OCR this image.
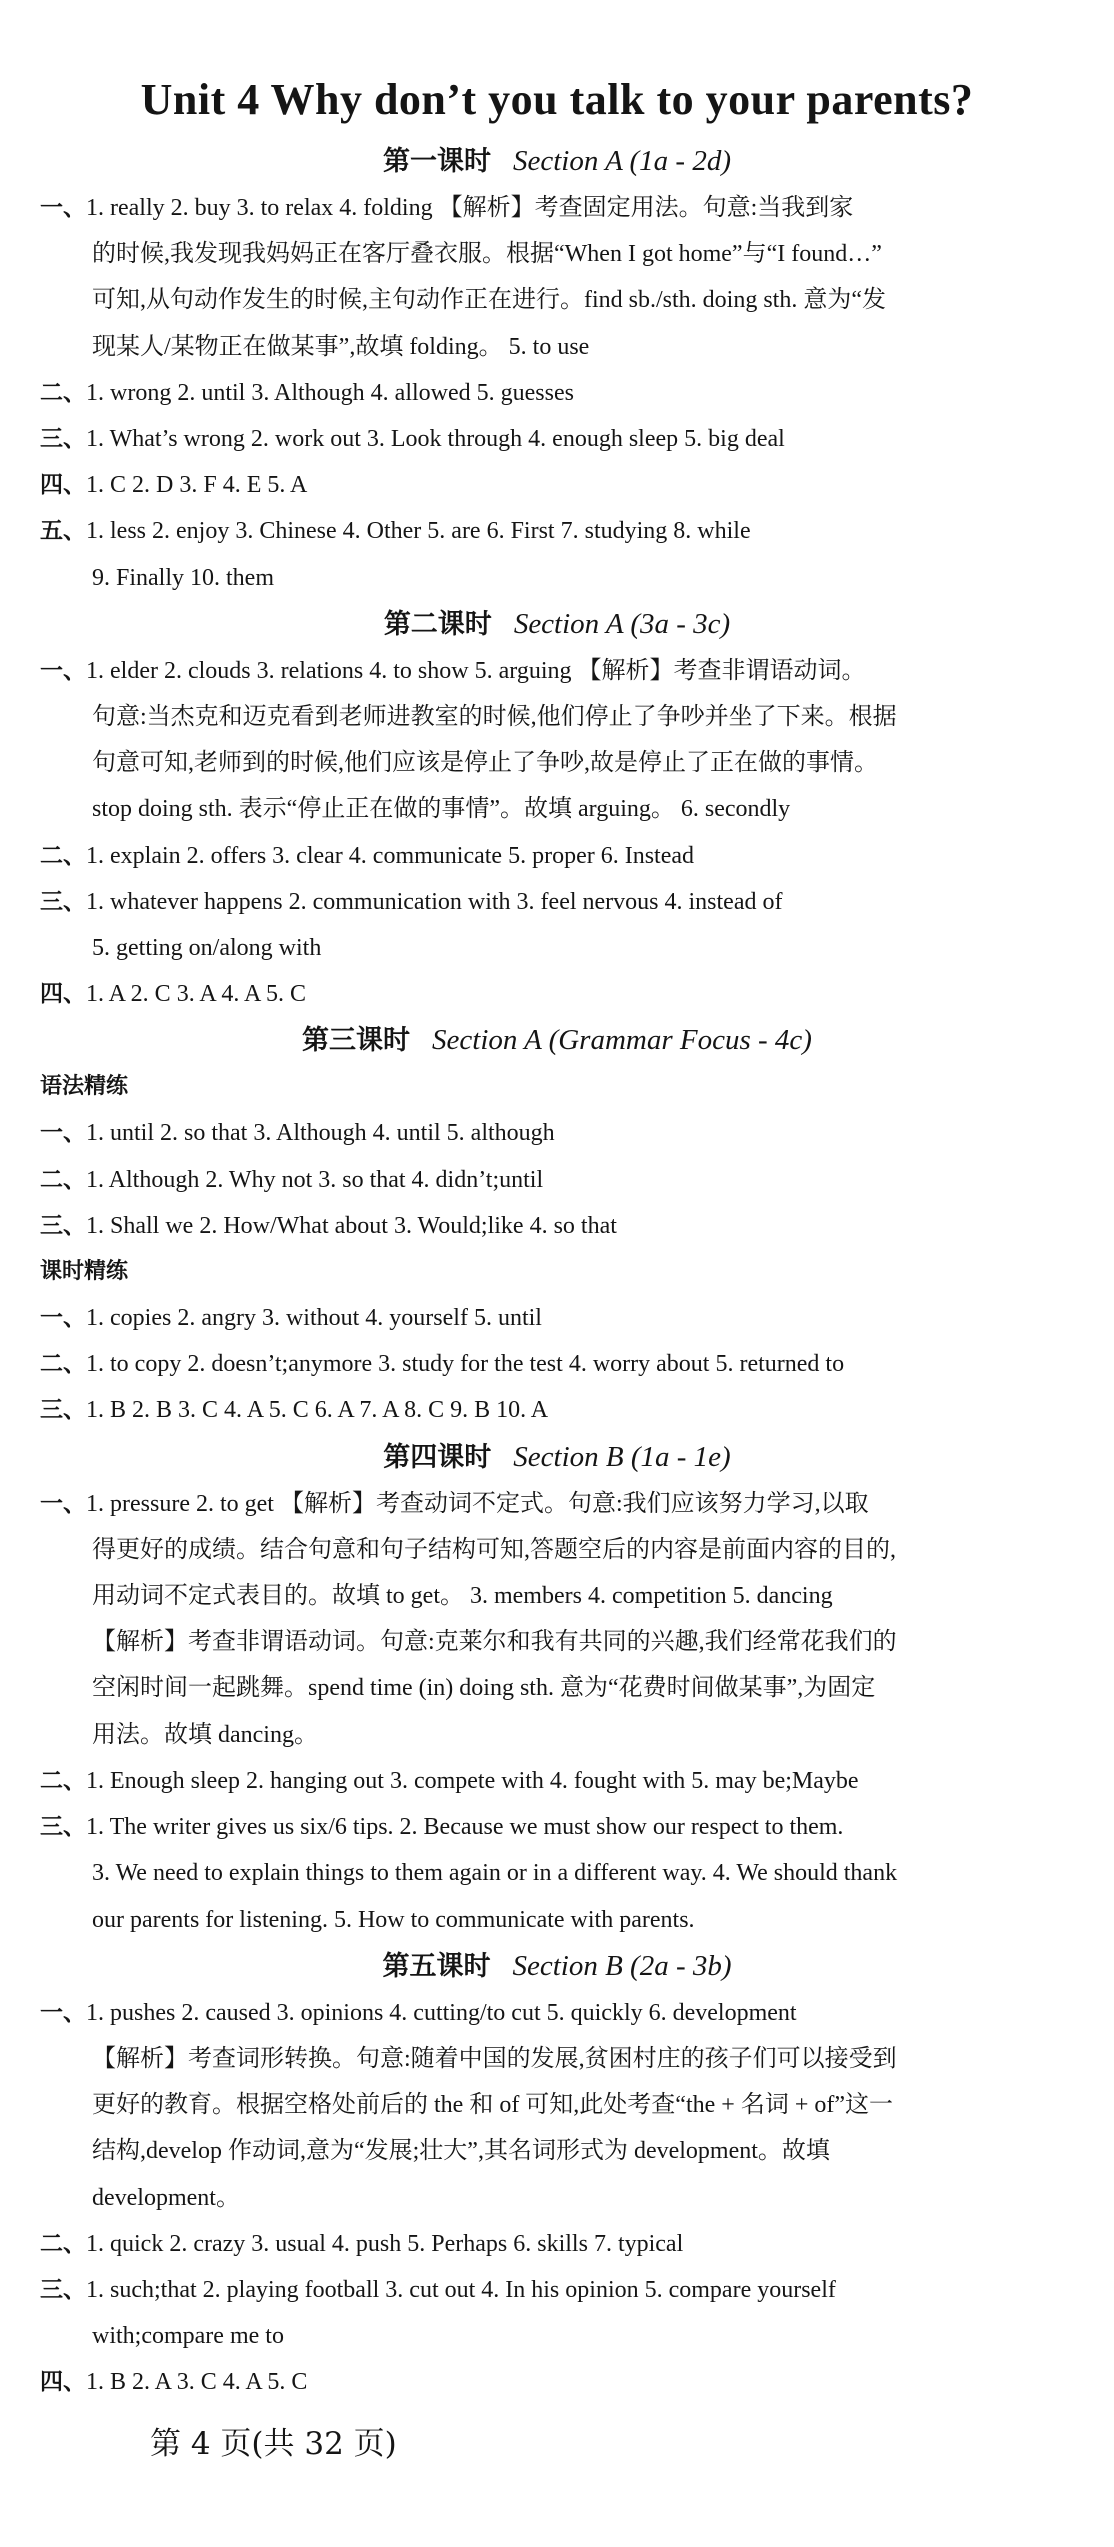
Unit 4 Why don’t you talk to your parents?
第一课时 Section A (1a - 2d)
一、1. really 2. buy 3. to relax 4. folding 【解析】考查固定用法。句意:当我到家
的时候,我发现我妈妈正在客厅叠衣服。根据“When I got home”与“I found…”
可知,从句动作发生的时候,主句动作正在进行。find sb./sth. doing sth. 意为“发
现某人/某物正在做某事”,故填 folding。 5. to use
二、1. wrong 2. until 3. Although 4. allowed 5. guesses
三、1. What’s wrong 2. work out 3. Look through 4. enough sleep 5. big deal
四、1. C 2. D 3. F 4. E 5. A
五、1. less 2. enjoy 3. Chinese 4. Other 5. are 6. First 7. studying 8. while
9. Finally 10. them
第二课时 Section A (3a - 3c)
一、1. elder 2. clouds 3. relations 4. to show 5. arguing 【解析】考查非谓语动词。
句意:当杰克和迈克看到老师进教室的时候,他们停止了争吵并坐了下来。根据
句意可知,老师到的时候,他们应该是停止了争吵,故是停止了正在做的事情。
stop doing sth. 表示“停止正在做的事情”。故填 arguing。 6. secondly
二、1. explain 2. offers 3. clear 4. communicate 5. proper 6. Instead
三、1. whatever happens 2. communication with 3. feel nervous 4. instead of
5. getting on/along with
四、1. A 2. C 3. A 4. A 5. C
第三课时 Section A (Grammar Focus - 4c)
语法精练
一、1. until 2. so that 3. Although 4. until 5. although
二、1. Although 2. Why not 3. so that 4. didn’t;until
三、1. Shall we 2. How/What about 3. Would;like 4. so that
课时精练
一、1. copies 2. angry 3. without 4. yourself 5. until
二、1. to copy 2. doesn’t;anymore 3. study for the test 4. worry about 5. returned to
三、1. B 2. B 3. C 4. A 5. C 6. A 7. A 8. C 9. B 10. A
第四课时 Section B (1a - 1e)
一、1. pressure 2. to get 【解析】考查动词不定式。句意:我们应该努力学习,以取
得更好的成绩。结合句意和句子结构可知,答题空后的内容是前面内容的目的,
用动词不定式表目的。故填 to get。 3. members 4. competition 5. dancing
【解析】考查非谓语动词。句意:克莱尔和我有共同的兴趣,我们经常花我们的
空闲时间一起跳舞。spend time (in) doing sth. 意为“花费时间做某事”,为固定
用法。故填 dancing。
二、1. Enough sleep 2. hanging out 3. compete with 4. fought with 5. may be;Maybe
三、1. The writer gives us six/6 tips. 2. Because we must show our respect to them.
3. We need to explain things to them again or in a different way. 4. We should thank
our parents for listening. 5. How to communicate with parents.
第五课时 Section B (2a - 3b)
一、1. pushes 2. caused 3. opinions 4. cutting/to cut 5. quickly 6. development
【解析】考查词形转换。句意:随着中国的发展,贫困村庄的孩子们可以接受到
更好的教育。根据空格处前后的 the 和 of 可知,此处考查“the + 名词 + of”这一
结构,develop 作动词,意为“发展;壮大”,其名词形式为 development。故填
development。
二、1. quick 2. crazy 3. usual 4. push 5. Perhaps 6. skills 7. typical
三、1. such;that 2. playing football 3. cut out 4. In his opinion 5. compare yourself
with;compare me to
四、1. B 2. A 3. C 4. A 5. C
第 4 页(共 32 页)
